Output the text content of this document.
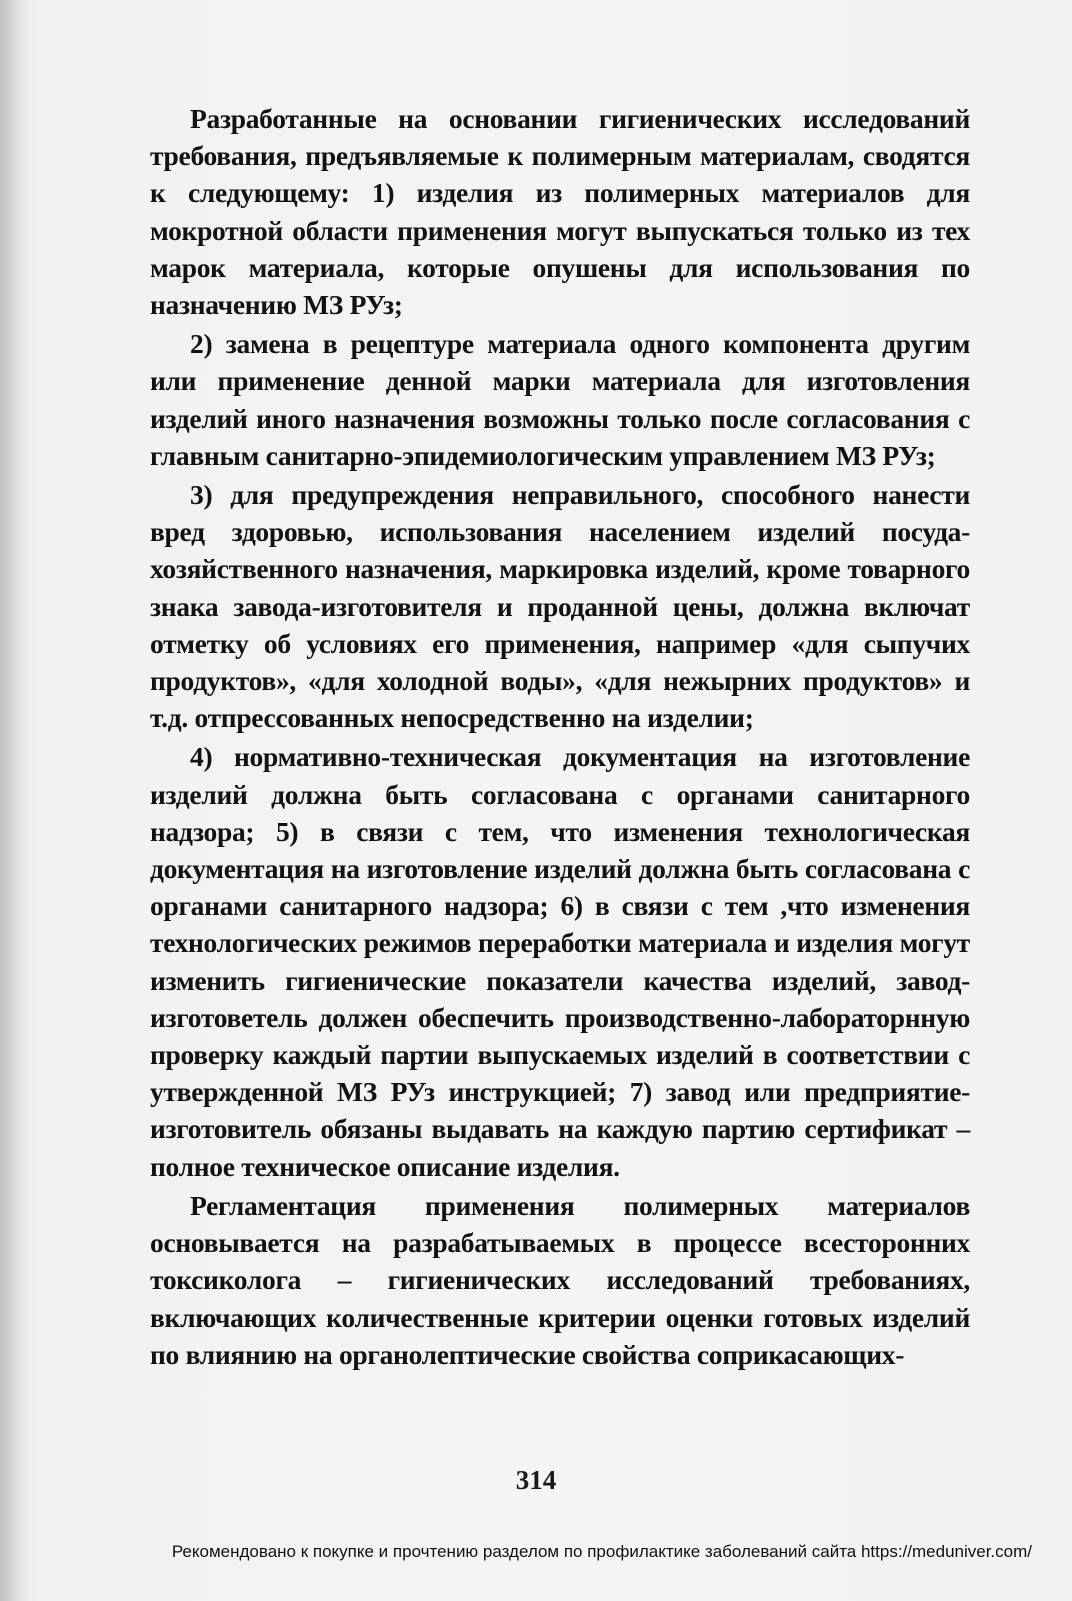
Разработанные на основании гигиенических исследований требования, предъявляемые к полимерным материалам, сводятся к следующему: 1) изделия из полимерных материалов для мокротной области применения могут выпускаться только из тех марок материала, которые опушены для использования по назначению МЗ РУз;

2) замена в рецептуре материала одного компонента другим или применение денной марки материала для изготовления изделий иного назначения возможны только после согласования с главным санитарно-эпидемиологическим управлением МЗ РУз;

3) для предупреждения неправильного, способного нанести вред здоровью, использования населением изделий посуда-хозяйственного назначения, маркировка изделий, кроме товарного знака завода-изготовителя и проданной цены, должна включат отметку об условиях его применения, например «для сыпучих продуктов», «для холодной воды», «для нежырних продуктов» и т.д. отпрессованных непосредственно на изделии;

4) нормативно-техническая документация на изготовление изделий должна быть согласована с органами санитарного надзора; 5) в связи с тем, что изменения технологическая документация на изготовление изделий должна быть согласована с органами санитарного надзора; 6) в связи с тем ,что изменения технологических режимов переработки материала и изделия могут изменить гигиенические показатели качества изделий, завод-изготоветель должен обеспечить производственно-лабораторнную проверку каждый партии выпускаемых изделий в соответствии с утвержденной МЗ РУз инструкцией; 7) завод или предприятие- изготовитель обязаны выдавать на каждую партию сертификат – полное техническое описание изделия.

Регламентация применения полимерных материалов основывается на разрабатываемых в процессе всесторонних токсиколога – гигиенических исследований требованиях, включающих количественные критерии оценки готовых изделий по влиянию на органолептические свойства соприкасающих-

314
Рекомендовано к покупке и прочтению разделом по профилактике заболеваний сайта https://meduniver.com/
